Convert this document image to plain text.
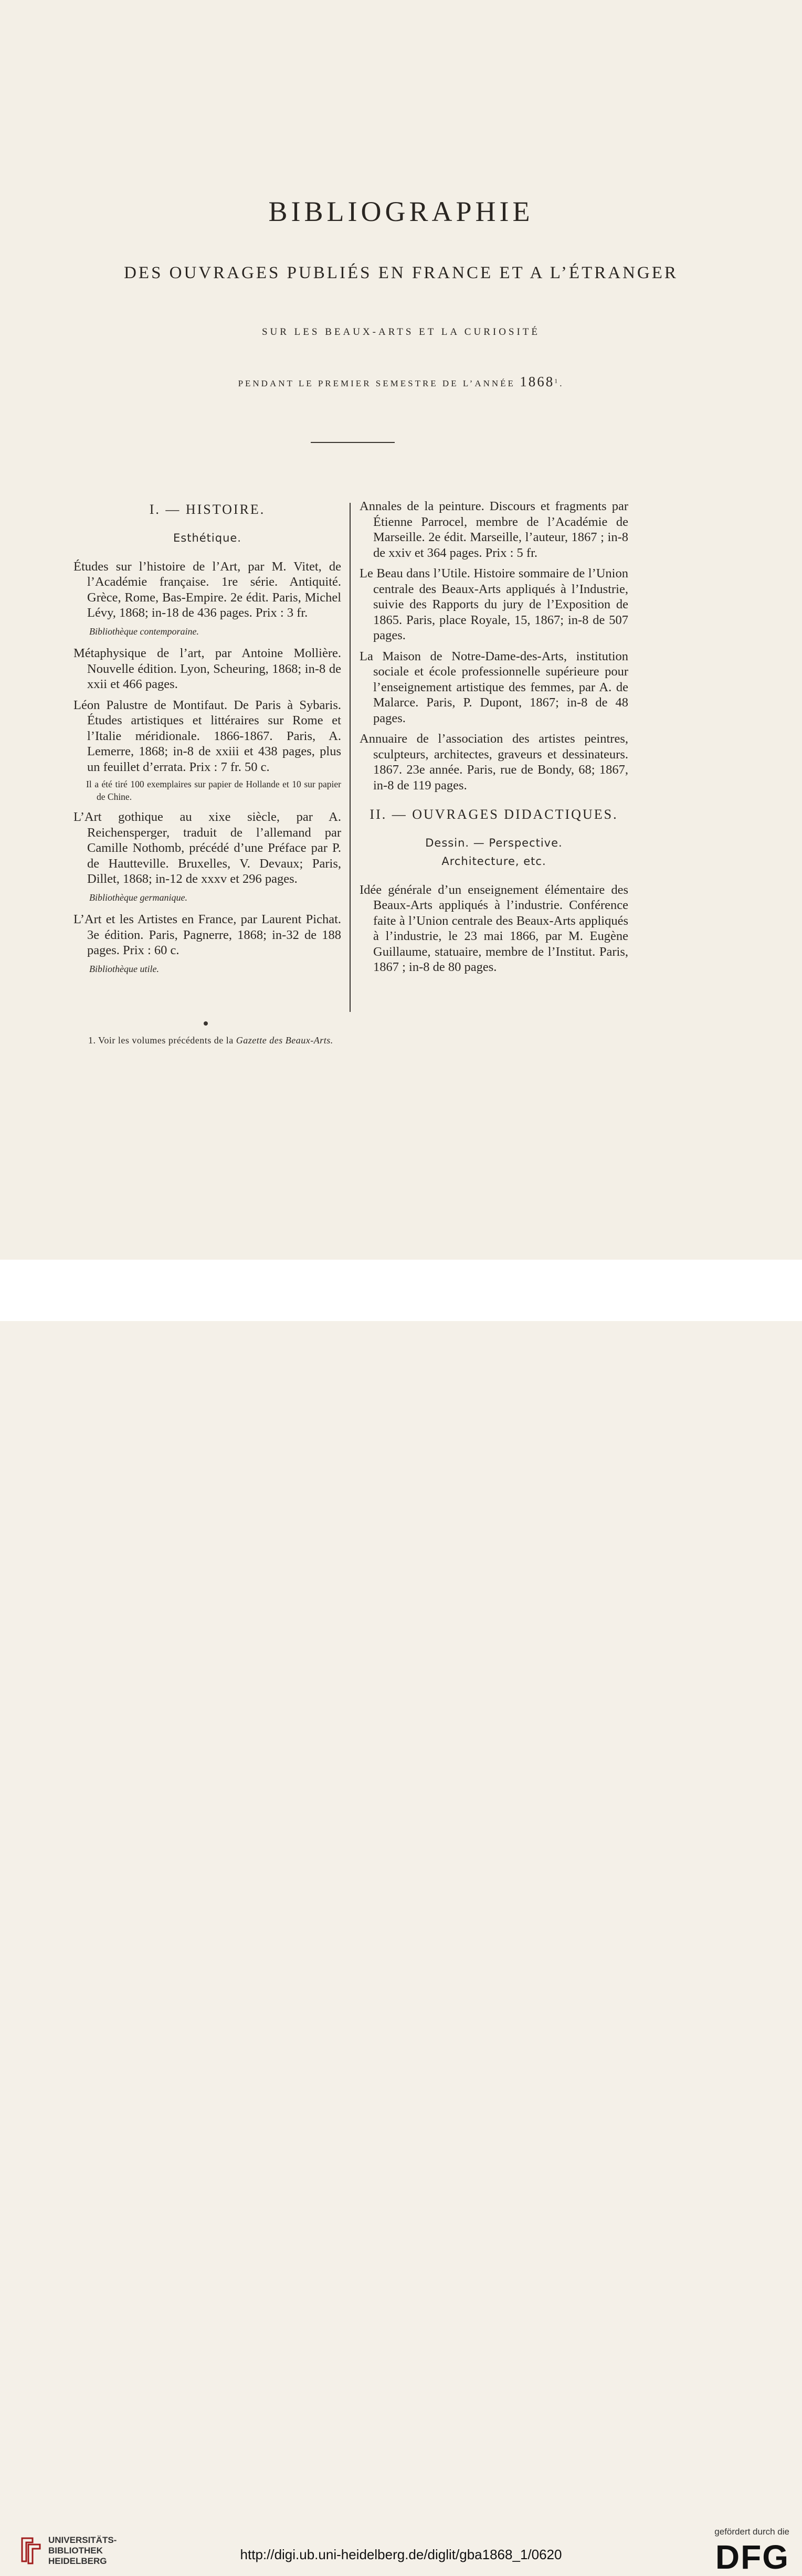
BIBLIOGRAPHIE
DES OUVRAGES PUBLIÉS EN FRANCE ET A L’ÉTRANGER
SUR LES BEAUX-ARTS ET LA CURIOSITÉ
PENDANT LE PREMIER SEMESTRE DE L’ANNÉE 1868$^1$.
I. — HISTOIRE.
Esthétique.
Études sur l’histoire de l’Art, par M. Vitet, de l’Académie française. 1re série. Antiquité. Grèce, Rome, Bas-Empire. 2e édit. Paris, Michel Lévy, 1868; in-18 de 436 pages. Prix : 3 fr.
Bibliothèque contemporaine.
Métaphysique de l’art, par Antoine Mollière. Nouvelle édition. Lyon, Scheuring, 1868; in-8 de xxii et 466 pages.
Léon Palustre de Montifaut. De Paris à Sybaris. Études artistiques et littéraires sur Rome et l’Italie méridionale. 1866-1867. Paris, A. Lemerre, 1868; in-8 de xxiii et 438 pages, plus un feuillet d’errata. Prix : 7 fr. 50 c.
Il a été tiré 100 exemplaires sur papier de Hollande et 10 sur papier de Chine.
L’Art gothique au xixe siècle, par A. Reichensperger, traduit de l’allemand par Camille Nothomb, précédé d’une Préface par P. de Hautteville. Bruxelles, V. Devaux; Paris, Dillet, 1868; in-12 de xxxv et 296 pages.
Bibliothèque germanique.
L’Art et les Artistes en France, par Laurent Pichat. 3e édition. Paris, Pagnerre, 1868; in-32 de 188 pages. Prix : 60 c.
Bibliothèque utile.
Annales de la peinture. Discours et fragments par Étienne Parrocel, membre de l’Académie de Marseille. 2e édit. Marseille, l’auteur, 1867 ; in-8 de xxiv et 364 pages. Prix : 5 fr.
Le Beau dans l’Utile. Histoire sommaire de l’Union centrale des Beaux-Arts appliqués à l’Industrie, suivie des Rapports du jury de l’Exposition de 1865. Paris, place Royale, 15, 1867; in-8 de 507 pages.
La Maison de Notre-Dame-des-Arts, institution sociale et école professionnelle supérieure pour l’enseignement artistique des femmes, par A. de Malarce. Paris, P. Dupont, 1867; in-8 de 48 pages.
Annuaire de l’association des artistes peintres, sculpteurs, architectes, graveurs et dessinateurs. 1867. 23e année. Paris, rue de Bondy, 68; 1867, in-8 de 119 pages.
II. — OUVRAGES DIDACTIQUES.
Dessin. — Perspective.
Architecture, etc.
Idée générale d’un enseignement élémentaire des Beaux-Arts appliqués à l’industrie. Conférence faite à l’Union centrale des Beaux-Arts appliqués à l’industrie, le 23 mai 1866, par M. Eugène Guillaume, statuaire, membre de l’Institut. Paris, 1867 ; in-8 de 80 pages.
1. Voir les volumes précédents de la Gazette des Beaux-Arts.
UNIVERSITÄTS-
BIBLIOTHEK
HEIDELBERG	http://digi.ub.uni-heidelberg.de/diglit/gba1868_1/0620
gefördert durch die
DFG
